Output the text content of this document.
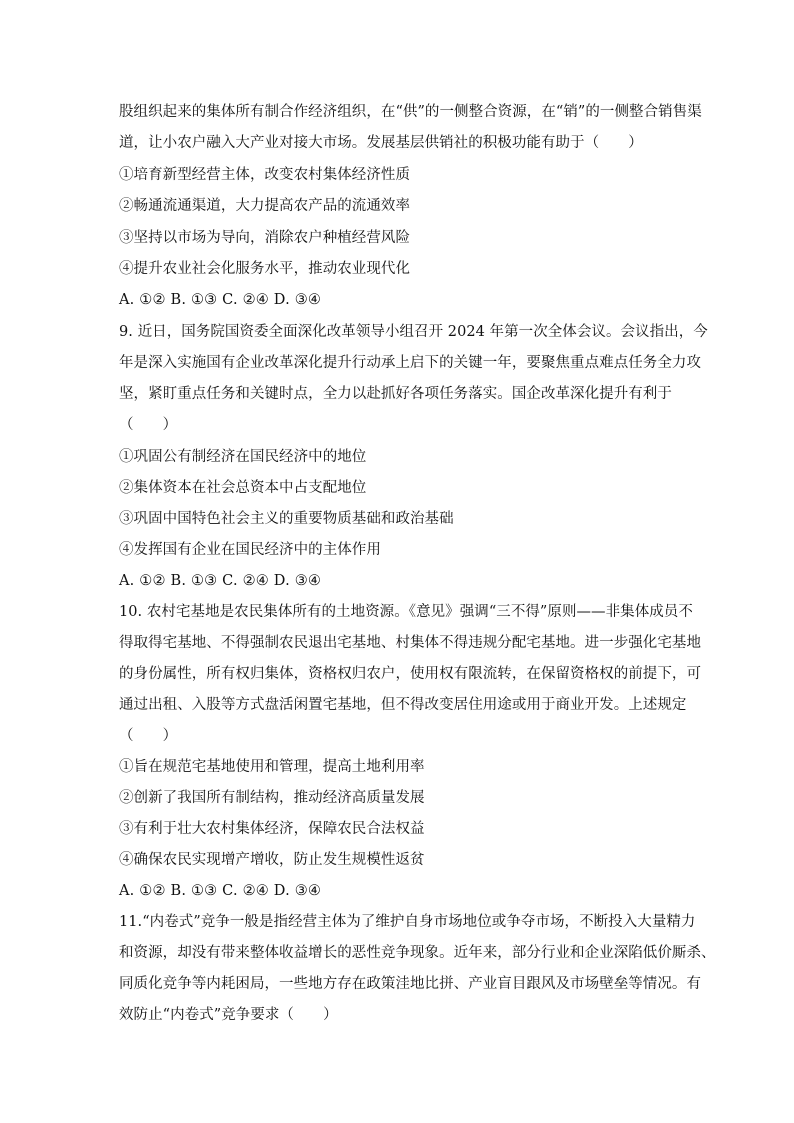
股组织起来的集体所有制合作经济组织，在“供”的一侧整合资源，在“销”的一侧整合销售渠
道，让小农户融入大产业对接大市场。发展基层供销社的积极功能有助于（　　）
①培育新型经营主体，改变农村集体经济性质
②畅通流通渠道，大力提高农产品的流通效率
③坚持以市场为导向，消除农户种植经营风险
④提升农业社会化服务水平，推动农业现代化
A. ①② B. ①③ C. ②④ D. ③④
9. 近日，国务院国资委全面深化改革领导小组召开 2024 年第一次全体会议。会议指出，今
年是深入实施国有企业改革深化提升行动承上启下的关键一年，要聚焦重点难点任务全力攻
坚，紧盯重点任务和关键时点，全力以赴抓好各项任务落实。国企改革深化提升有利于
（　　）
①巩固公有制经济在国民经济中的地位
②集体资本在社会总资本中占支配地位
③巩固中国特色社会主义的重要物质基础和政治基础
④发挥国有企业在国民经济中的主体作用
A. ①② B. ①③ C. ②④ D. ③④
10. 农村宅基地是农民集体所有的土地资源。《意见》强调“三不得”原则——非集体成员不
得取得宅基地、不得强制农民退出宅基地、村集体不得违规分配宅基地。进一步强化宅基地
的身份属性，所有权归集体，资格权归农户，使用权有限流转，在保留资格权的前提下，可
通过出租、入股等方式盘活闲置宅基地，但不得改变居住用途或用于商业开发。上述规定
（　　）
①旨在规范宅基地使用和管理，提高土地利用率
②创新了我国所有制结构，推动经济高质量发展
③有利于壮大农村集体经济，保障农民合法权益
④确保农民实现增产增收，防止发生规模性返贫
A. ①② B. ①③ C. ②④ D. ③④
11.“内卷式”竞争一般是指经营主体为了维护自身市场地位或争夺市场，不断投入大量精力
和资源，却没有带来整体收益增长的恶性竞争现象。近年来，部分行业和企业深陷低价厮杀、
同质化竞争等内耗困局，一些地方存在政策洼地比拼、产业盲目跟风及市场壁垒等情况。有
效防止“内卷式”竞争要求（　　）
